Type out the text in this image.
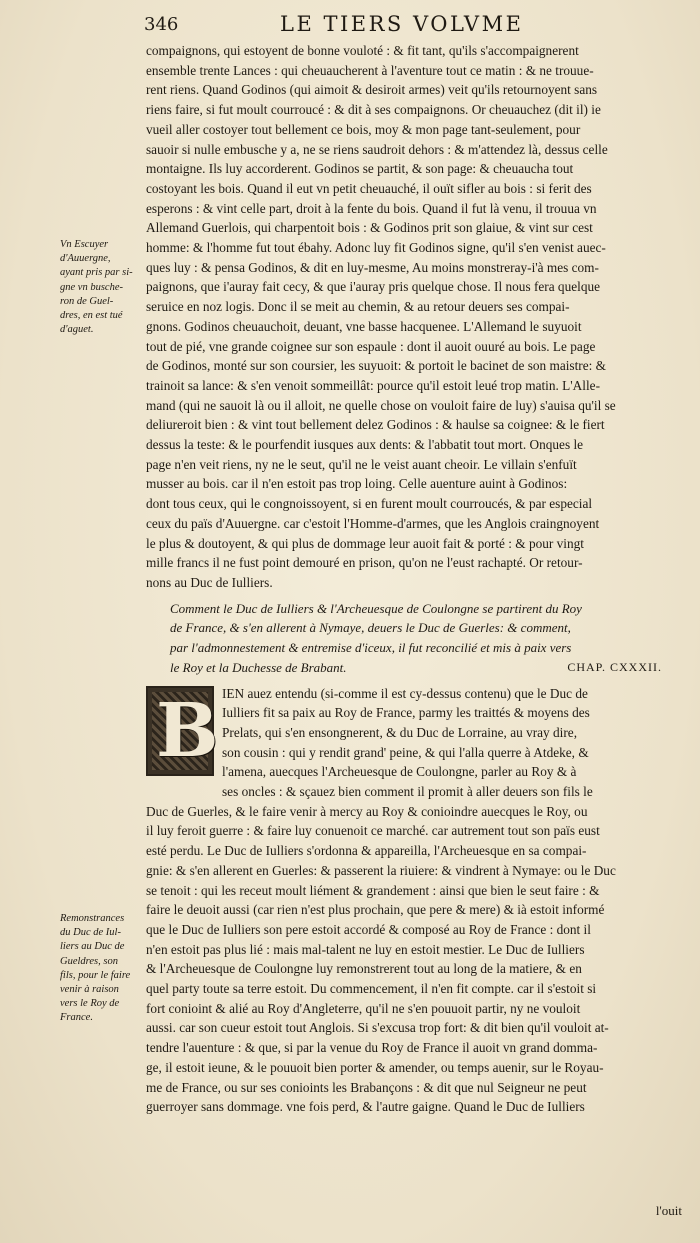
346	LE TIERS VOLVME
Vn Escuyer
d'Auuergne,
ayant pris par si-
gne vn busche-
ron de Guel-
dres, en est tué
d'aguet.
Remonstrances
du Duc de Iul-
liers au Duc de
Gueldres, son
fils, pour le faire
venir à raison
vers le Roy de
France.

compaignons, qui estoyent de bonne vouloté : & fit tant, qu'ils s'accompaignerent
ensemble trente Lances : qui cheuaucherent à l'aventure tout ce matin : & ne trouue-
rent riens. Quand Godinos (qui aimoit & desiroit armes) veit qu'ils retournoyent sans
riens faire, si fut moult courroucé : & dit à ses compaignons. Or cheuauchez (dit il) ie
vueil aller costoyer tout bellement ce bois, moy & mon page tant-seulement, pour
sauoir si nulle embusche y a, ne se riens saudroit dehors : & m'attendez là, dessus celle
montaigne. Ils luy accorderent. Godinos se partit, & son page: & cheuaucha tout
costoyant les bois. Quand il eut vn petit cheuauché, il ouït sifler au bois : si ferit des
esperons : & vint celle part, droit à la fente du bois. Quand il fut là venu, il trouua vn
Allemand Guerlois, qui charpentoit bois : & Godinos prit son glaiue, & vint sur cest
homme: & l'homme fut tout ébahy. Adonc luy fit Godinos signe, qu'il s'en venist auec-
ques luy : & pensa Godinos, & dit en luy-mesme, Au moins monstreray-i'à mes com-
paignons, que i'auray fait cecy, & que i'auray pris quelque chose. Il nous fera quelque
seruice en noz logis. Donc il se meit au chemin, & au retour deuers ses compai-
gnons. Godinos cheuauchoit, deuant, vne basse hacquenee. L'Allemand le suyuoit
tout de pié, vne grande coignee sur son espaule : dont il auoit ouuré au bois. Le page
de Godinos, monté sur son coursier, les suyuoit: & portoit le bacinet de son maistre: &
trainoit sa lance: & s'en venoit sommeillât: pource qu'il estoit leué trop matin. L'Alle-
mand (qui ne sauoit là ou il alloit, ne quelle chose on vouloit faire de luy) s'auisa qu'il se
deliureroit bien : & vint tout bellement delez Godinos : & haulse sa coignee: & le fiert
dessus la teste: & le pourfendit iusques aux dents: & l'abbatit tout mort. Onques le
page n'en veit riens, ny ne le seut, qu'il ne le veist auant cheoir. Le villain s'enfuït
musser au bois. car il n'en estoit pas trop loing. Celle auenture auint à Godinos:
dont tous ceux, qui le congnoissoyent, si en furent moult courroucés, & par especial
ceux du païs d'Auuergne. car c'estoit l'Homme-d'armes, que les Anglois craingnoyent
le plus & doutoyent, & qui plus de dommage leur auoit fait & porté : & pour vingt
mille francs il ne fust point demouré en prison, qu'on ne l'eust rachapté. Or retour-
nons au Duc de Iulliers.

Comment le Duc de Iulliers & l'Archeuesque de Coulongne se partirent du Roy
de France, & s'en allerent à Nymaye, deuers le Duc de Guerles: & comment,
par l'admonnestement & entremise d'iceux, il fut reconcilié et mis à paix vers
le Roy et la Duchesse de Brabant.	CHAP. CXXXII.
B IEN auez entendu (si-comme il est cy-dessus contenu) que le Duc de
Iulliers fit sa paix au Roy de France, parmy les traittés & moyens des
Prelats, qui s'en ensongnerent, & du Duc de Lorraine, au vray dire,
son cousin : qui y rendit grand' peine, & qui l'alla querre à Atdeke, &
l'amena, auecques l'Archeuesque de Coulongne, parler au Roy & à
ses oncles : & sçauez bien comment il promit à aller deuers son fils le
Duc de Guerles, & le faire venir à mercy au Roy & conioindre auecques le Roy, ou
il luy feroit guerre : & faire luy conuenoit ce marché. car autrement tout son païs eust
esté perdu. Le Duc de Iulliers s'ordonna & appareilla, l'Archeuesque en sa compai-
gnie: & s'en allerent en Guerles: & passerent la riuiere: & vindrent à Nymaye: ou le Duc
se tenoit : qui les receut moult liément & grandement : ainsi que bien le seut faire : &
faire le deuoit aussi (car rien n'est plus prochain, que pere & mere) & ià estoit informé
que le Duc de Iulliers son pere estoit accordé & composé au Roy de France : dont il
n'en estoit pas plus lié : mais mal-talent ne luy en estoit mestier. Le Duc de Iulliers
& l'Archeuesque de Coulongne luy remonstrerent tout au long de la matiere, & en
quel party toute sa terre estoit. Du commencement, il n'en fit compte. car il s'estoit si
fort conioint & alié au Roy d'Angleterre, qu'il ne s'en pouuoit partir, ny ne vouloit
aussi. car son cueur estoit tout Anglois. Si s'excusa trop fort: & dit bien qu'il vouloit at-
tendre l'auenture : & que, si par la venue du Roy de France il auoit vn grand domma-
ge, il estoit ieune, & le pouuoit bien porter & amender, ou temps auenir, sur le Royau-
me de France, ou sur ses conioints les Brabançons : & dit que nul Seigneur ne peut
guerroyer sans dommage. vne fois perd, & l'autre gaigne. Quand le Duc de Iulliers
l'ouit
